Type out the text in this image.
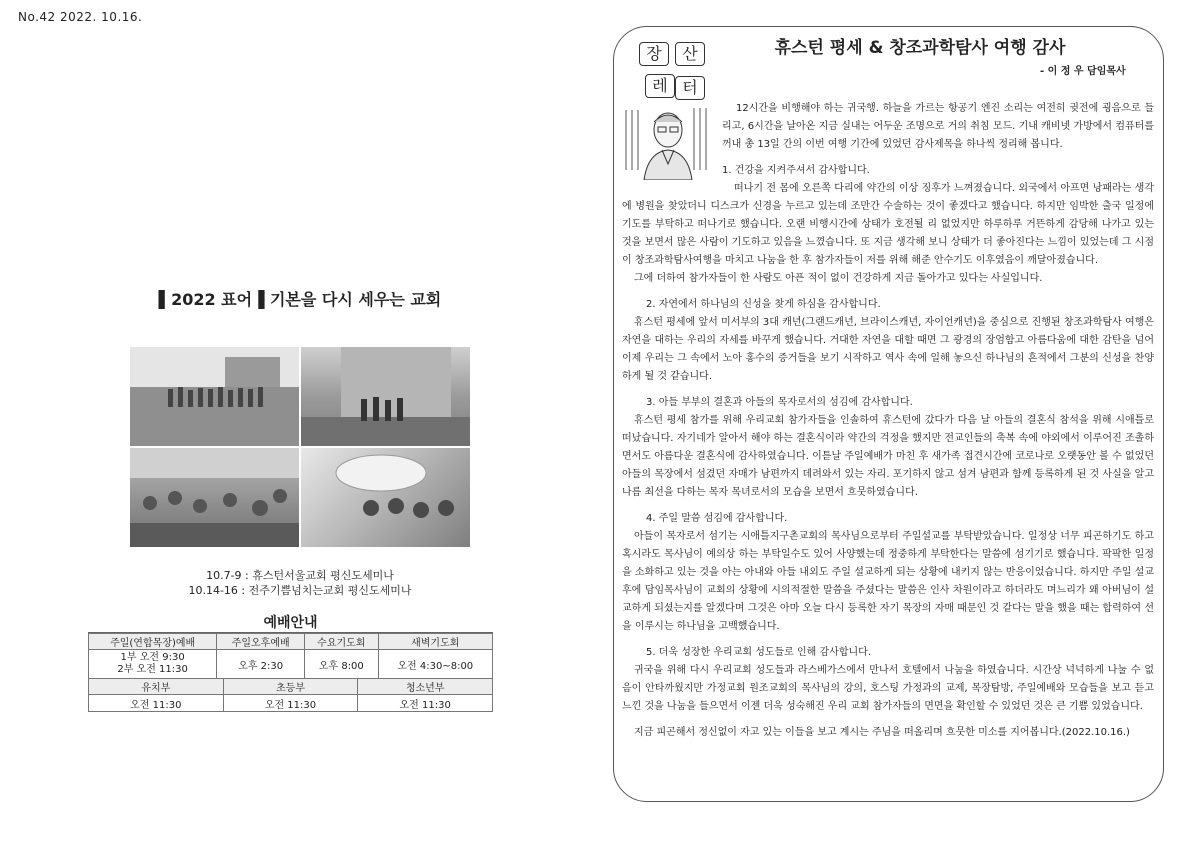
No.42 2022. 10.16.
▌2022 표어▐ 기본을 다시 세우는 교회
10.7-9 : 휴스턴서울교회 평신도세미나
10.14-16 : 전주기쁨넘치는교회 평신도세미나
예배안내
주일(연합목장)예배	주일오후예배	수요기도회	새벽기도회
1부 오전 9:30
2부 오전 11:30	오후 2:30	오후 8:00	오전 4:30~8:00
유치부	초등부	청소년부
오전 11:30	오전 11:30	오전 11:30
장	산
레 터
휴스턴 평세 & 창조과학탐사 여행 감사
- 이 정 우 담임목사

12시간을 비행해야 하는 귀국행. 하늘을 가르는 항공기 엔진 소리는 여전히 귓전에 굉음으로 들리고, 6시간을 날아온 지금 실내는 어두운 조명으로 거의 취침 모드. 기내 캐비넷 가방에서 컴퓨터를 꺼내 총 13일 간의 이번 여행 기간에 있었던 감사제목을 하나씩 정리해 봅니다.

1. 건강을 지켜주셔서 감사합니다.

떠나기 전 몸에 오른쪽 다리에 약간의 이상 징후가 느껴졌습니다. 외국에서 아프면 낭패라는 생각에 병원을 찾았더니 디스크가 신경을 누르고 있는데 조만간 수술하는 것이 좋겠다고 했습니다. 하지만 임박한 출국 일정에 기도를 부탁하고 떠나기로 했습니다. 오랜 비행시간에 상태가 호전될 리 없었지만 하루하루 거뜬하게 감당해 나가고 있는 것을 보면서 많은 사람이 기도하고 있음을 느꼈습니다. 또 지금 생각해 보니 상태가 더 좋아진다는 느낌이 있었는데 그 시점이 창조과학탐사여행을 마치고 나눔을 한 후 참가자들이 저를 위해 해준 안수기도 이후였음이 깨달아졌습니다.

그에 더하여 참가자들이 한 사람도 아픈 적이 없이 건강하게 지금 돌아가고 있다는 사실입니다.

2. 자연에서 하나님의 신성을 찾게 하심을 감사합니다.

휴스턴 평세에 앞서 미서부의 3대 캐년(그랜드캐년, 브라이스캐년, 자이언캐년)을 중심으로 진행된 창조과학탐사 여행은 자연을 대하는 우리의 자세를 바꾸게 했습니다. 거대한 자연을 대할 때면 그 광경의 장엄함고 아름다움에 대한 감탄을 넘어 이제 우리는 그 속에서 노아 홍수의 증거들을 보기 시작하고 역사 속에 일해 놓으신 하나님의 흔적에서 그분의 신성을 찬양하게 될 것 같습니다.

3. 아들 부부의 결혼과 아들의 목자로서의 섬김에 감사합니다.

휴스턴 평세 참가를 위해 우리교회 참가자들을 인솔하여 휴스턴에 갔다가 다음 날 아들의 결혼식 참석을 위해 시애틀로 떠났습니다. 자기네가 알아서 해야 하는 결혼식이라 약간의 걱정을 했지만 전교인들의 축복 속에 야외에서 이루어진 조촐하면서도 아름다운 결혼식에 감사하였습니다. 이튿날 주일예배가 마친 후 새가족 접견시간에 코로나로 오랫동안 볼 수 없었던 아들의 목장에서 섬겼던 자매가 남편까지 데려와서 있는 자리. 포기하지 않고 섬겨 남편과 함께 등록하게 된 것 사실을 알고 나름 최선을 다하는 목자 목녀로서의 모습을 보면서 흐뭇하였습니다.

4. 주일 말씀 섬김에 감사합니다.

아들이 목자로서 섬기는 시애틀지구촌교회의 목사님으로부터 주일설교를 부탁받았습니다. 일정상 너무 피곤하기도 하고 혹시라도 목사님이 예의상 하는 부탁일수도 있어 사양했는데 정중하게 부탁한다는 말씀에 섬기기로 했습니다. 팍팍한 일정을 소화하고 있는 것을 아는 아내와 아들 내외도 주일 설교하게 되는 상황에 내키지 않는 반응이었습니다. 하지만 주일 설교 후에 담임목사님이 교회의 상황에 시의적절한 말씀을 주셨다는 말씀은 인사 차원이라고 하더라도 며느리가 왜 아버님이 설교하게 되셨는지를 알겠다며 그것은 아마 오늘 다시 등록한 자기 목장의 자매 때문인 것 같다는 말을 했을 때는 합력하여 선을 이루시는 하나님을 고백했습니다.

5. 더욱 성장한 우리교회 성도들로 인해 감사합니다.

귀국을 위해 다시 우리교회 성도들과 라스베가스에서 만나서 호텔에서 나눔을 하였습니다. 시간상 넉넉하게 나눌 수 없음이 안타까웠지만 가정교회 원조교회의 목사님의 강의, 호스팅 가정과의 교제, 목장탐방, 주일예배와 모습들을 보고 듣고 느낀 것을 나눔을 들으면서 이젠 더욱 성숙해진 우리 교회 참가자들의 면면을 확인할 수 있었던 것은 큰 기쁨 있었습니다.

지금 피곤해서 정신없이 자고 있는 이들을 보고 계시는 주님을 떠올리며 흐뭇한 미소를 지어봅니다.(2022.10.16.)
